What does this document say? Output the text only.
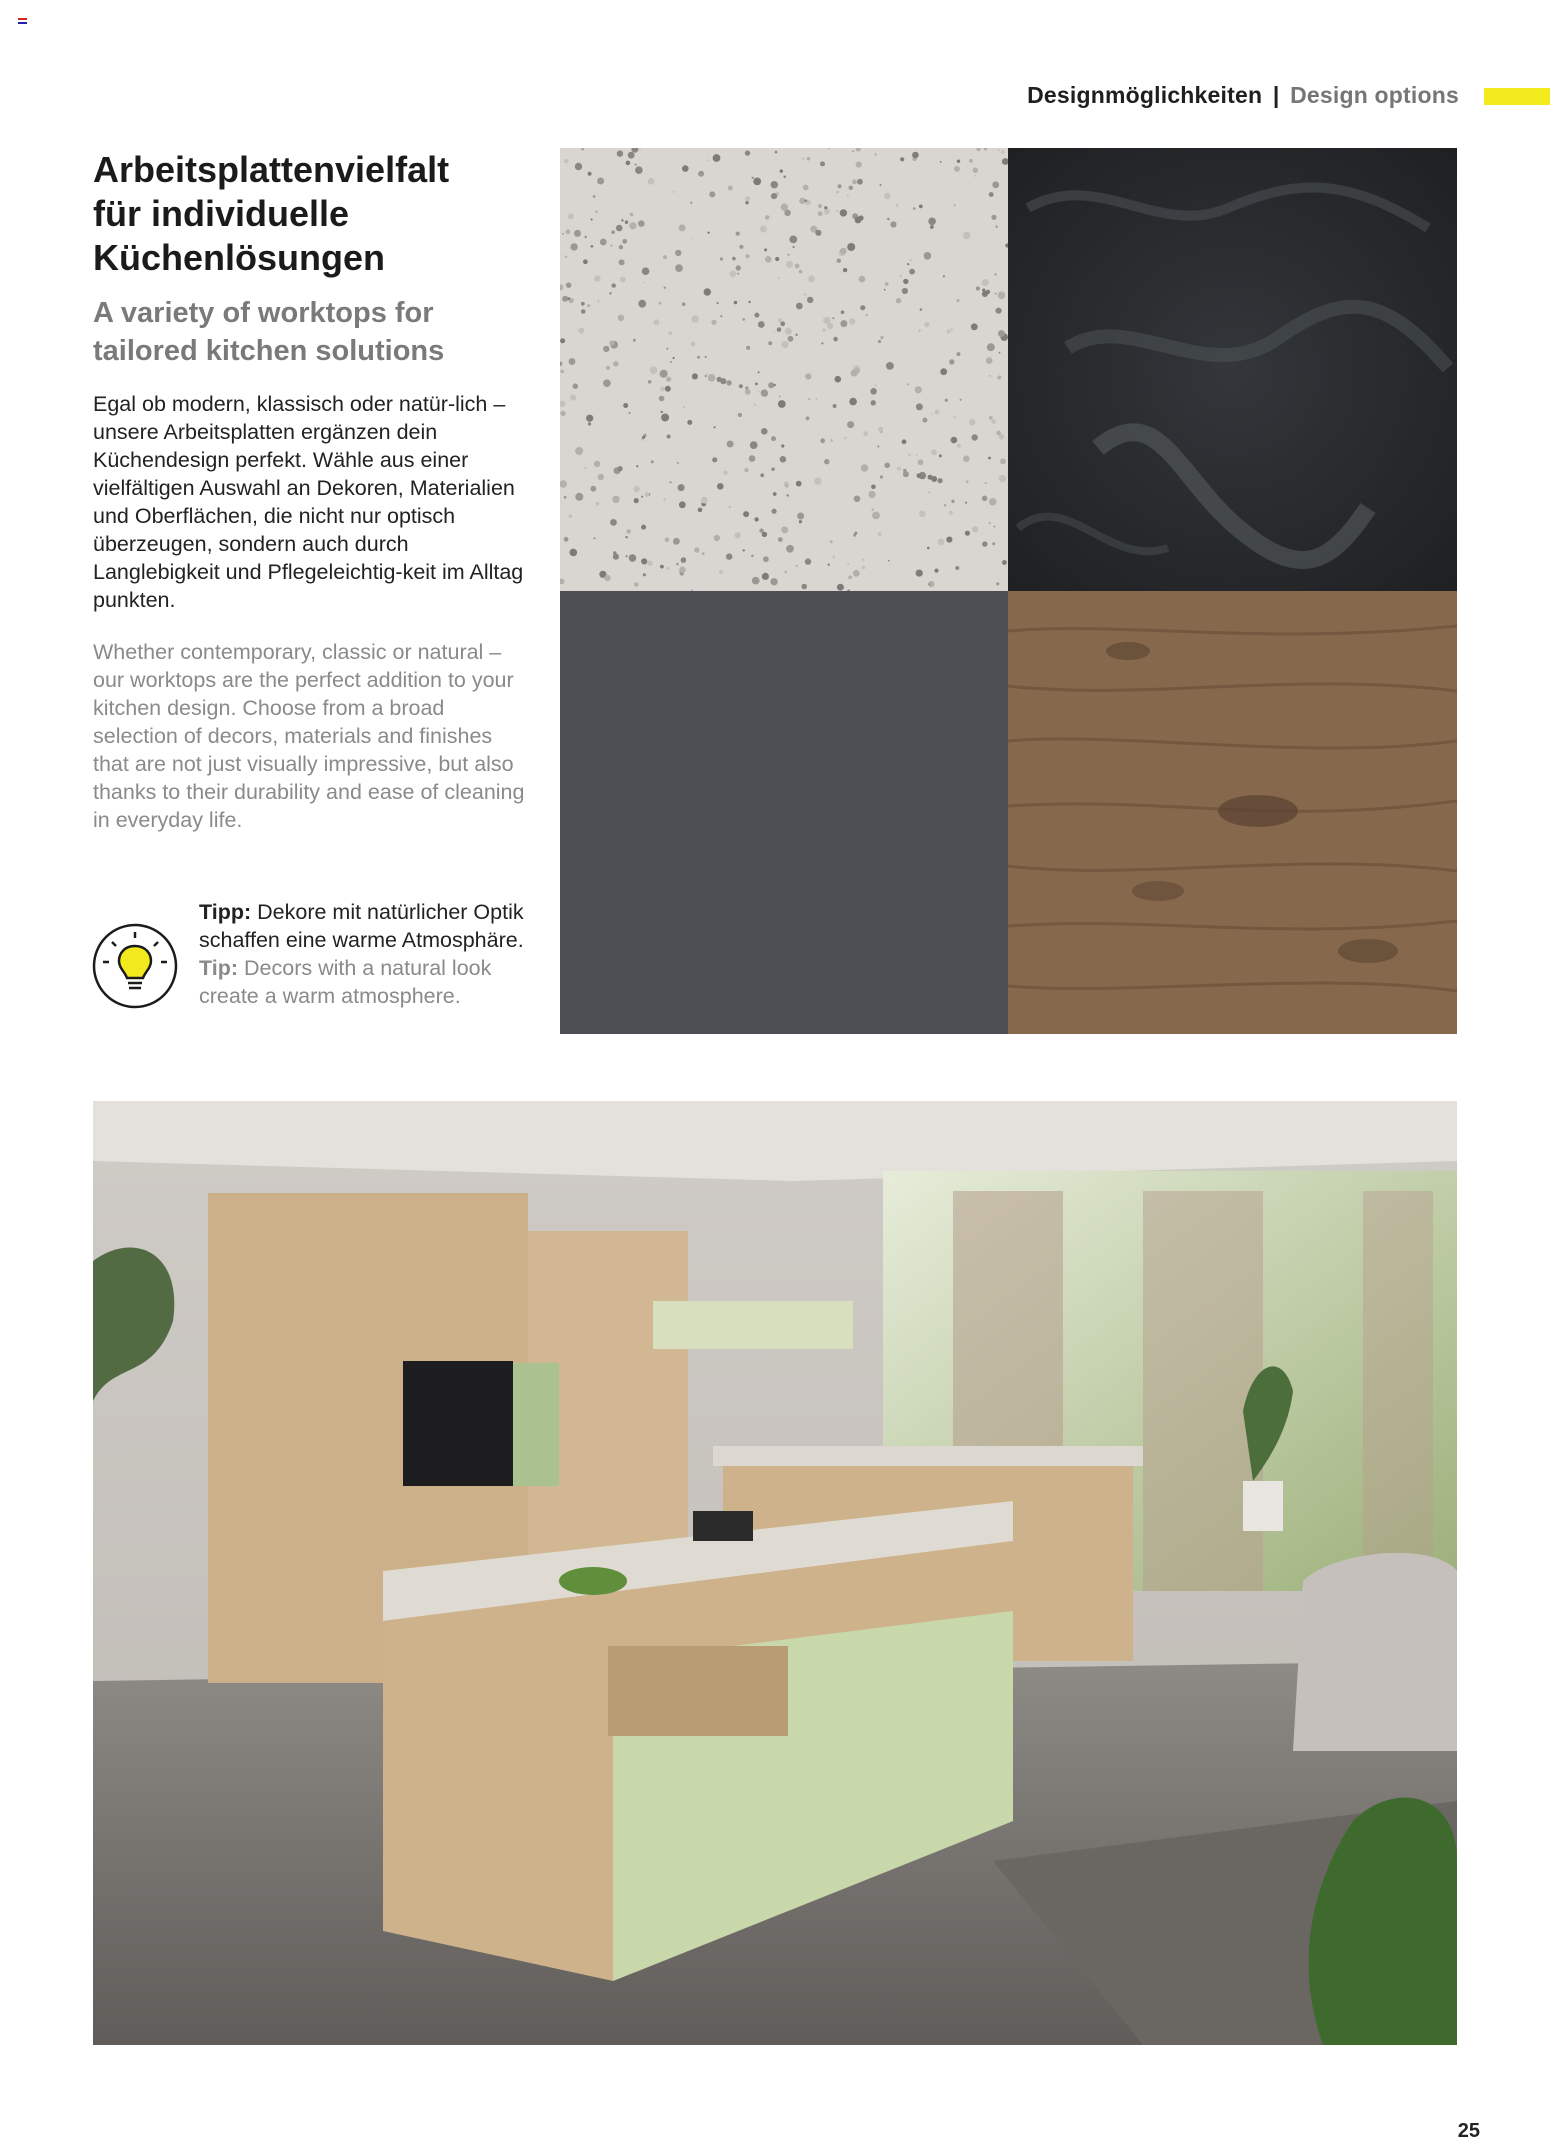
Designmöglichkeiten | Design options
Arbeitsplattenvielfalt
für individuelle
Küchenlösungen
A variety of worktops for
tailored kitchen solutions

Egal ob modern, klassisch oder natür-lich – unsere Arbeitsplatten ergänzen dein Küchendesign perfekt. Wähle aus einer vielfältigen Auswahl an Dekoren, Materialien und Oberflächen, die nicht nur optisch überzeugen, sondern auch durch Langlebigkeit und Pflegeleichtig-keit im Alltag punkten.

Whether contemporary, classic or natural – our worktops are the perfect addition to your kitchen design. Choose from a broad selection of decors, materials and finishes that are not just visually impressive, but also thanks to their durability and ease of cleaning in everyday life.

Tipp: Dekore mit natürlicher Optik schaffen eine warme Atmosphäre.
Tip: Decors with a natural look create a warm atmosphere.

25
